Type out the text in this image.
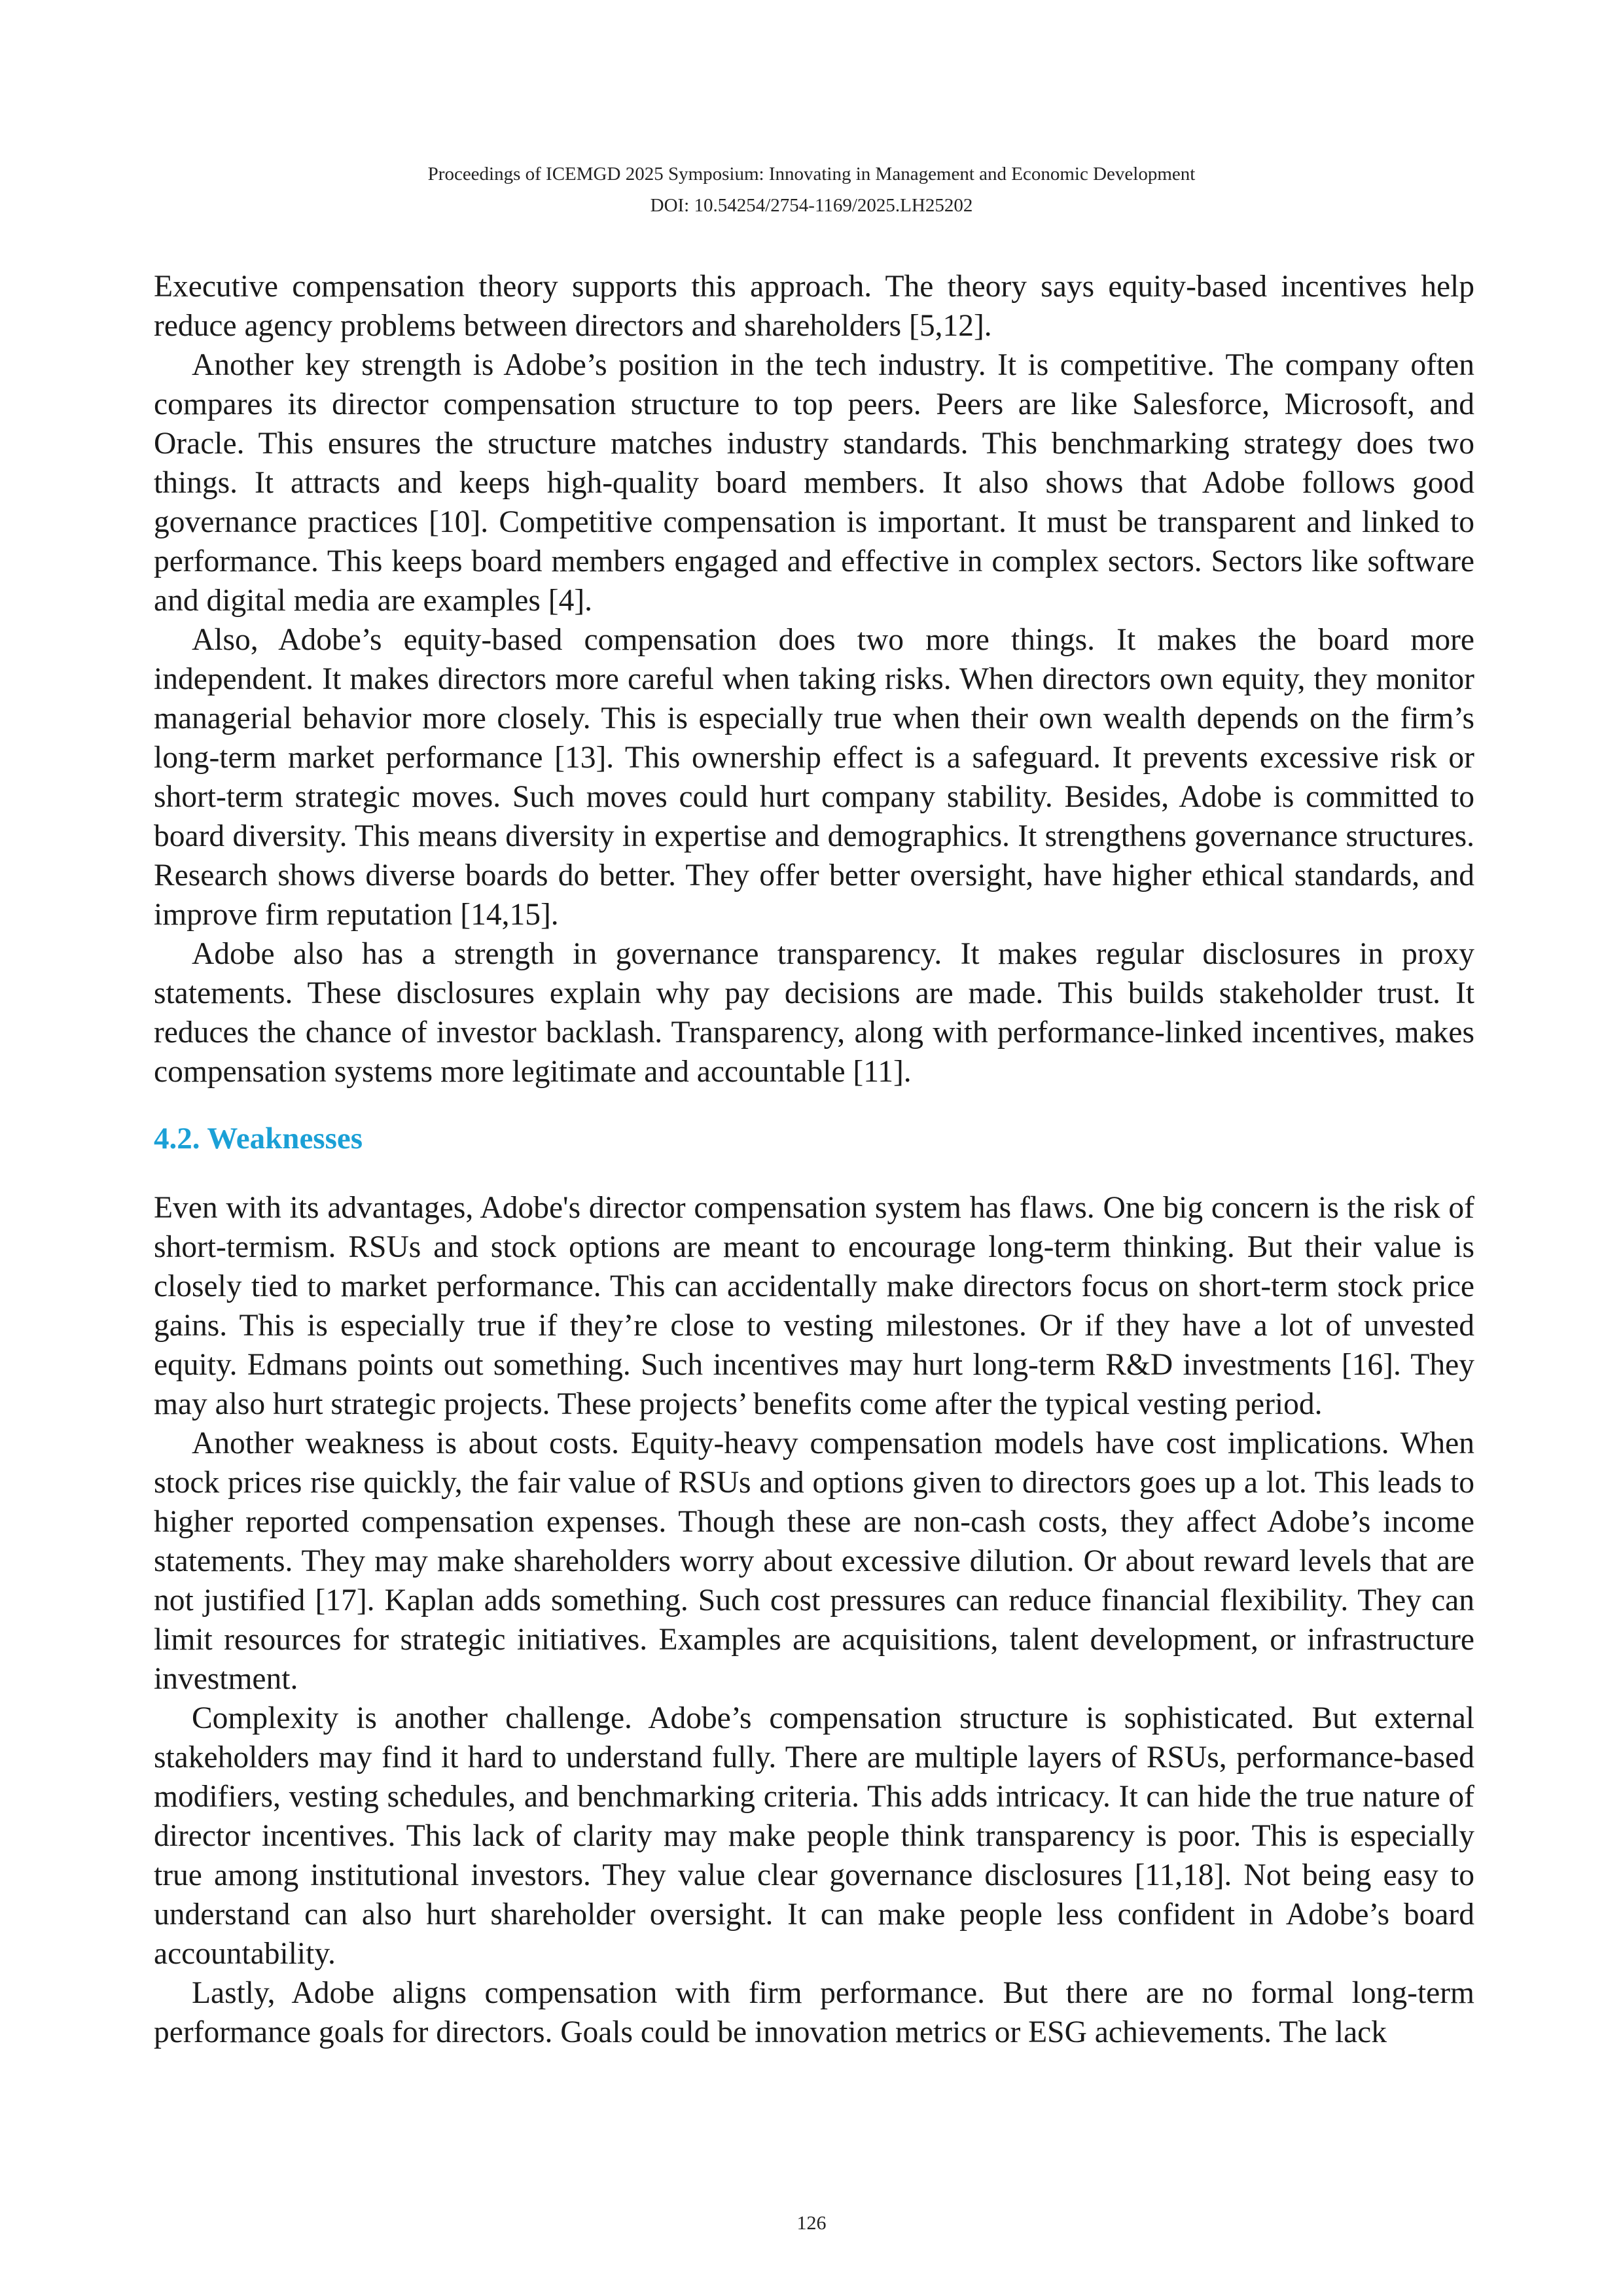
Proceedings of ICEMGD 2025 Symposium: Innovating in Management and Economic Development
DOI: 10.54254/2754-1169/2025.LH25202

Executive compensation theory supports this approach. The theory says equity-based incentives help reduce agency problems between directors and shareholders [5,12].

Another key strength is Adobe’s position in the tech industry. It is competitive. The company often compares its director compensation structure to top peers. Peers are like Salesforce, Microsoft, and Oracle. This ensures the structure matches industry standards. This benchmarking strategy does two things. It attracts and keeps high-quality board members. It also shows that Adobe follows good governance practices [10]. Competitive compensation is important. It must be transparent and linked to performance. This keeps board members engaged and effective in complex sectors. Sectors like software and digital media are examples [4].

Also, Adobe’s equity-based compensation does two more things. It makes the board more independent. It makes directors more careful when taking risks. When directors own equity, they monitor managerial behavior more closely. This is especially true when their own wealth depends on the firm’s long-term market performance [13]. This ownership effect is a safeguard. It prevents excessive risk or short-term strategic moves. Such moves could hurt company stability. Besides, Adobe is committed to board diversity. This means diversity in expertise and demographics. It strengthens governance structures. Research shows diverse boards do better. They offer better oversight, have higher ethical standards, and improve firm reputation [14,15].

Adobe also has a strength in governance transparency. It makes regular disclosures in proxy statements. These disclosures explain why pay decisions are made. This builds stakeholder trust. It reduces the chance of investor backlash. Transparency, along with performance-linked incentives, makes compensation systems more legitimate and accountable [11].

4.2. Weaknesses

Even with its advantages, Adobe's director compensation system has flaws. One big concern is the risk of short-termism. RSUs and stock options are meant to encourage long-term thinking. But their value is closely tied to market performance. This can accidentally make directors focus on short-term stock price gains. This is especially true if they’re close to vesting milestones. Or if they have a lot of unvested equity. Edmans points out something. Such incentives may hurt long-term R&D investments [16]. They may also hurt strategic projects. These projects’ benefits come after the typical vesting period.

Another weakness is about costs. Equity-heavy compensation models have cost implications. When stock prices rise quickly, the fair value of RSUs and options given to directors goes up a lot. This leads to higher reported compensation expenses. Though these are non-cash costs, they affect Adobe’s income statements. They may make shareholders worry about excessive dilution. Or about reward levels that are not justified [17]. Kaplan adds something. Such cost pressures can reduce financial flexibility. They can limit resources for strategic initiatives. Examples are acquisitions, talent development, or infrastructure investment.

Complexity is another challenge. Adobe’s compensation structure is sophisticated. But external stakeholders may find it hard to understand fully. There are multiple layers of RSUs, performance-based modifiers, vesting schedules, and benchmarking criteria. This adds intricacy. It can hide the true nature of director incentives. This lack of clarity may make people think transparency is poor. This is especially true among institutional investors. They value clear governance disclosures [11,18]. Not being easy to understand can also hurt shareholder oversight. It can make people less confident in Adobe’s board accountability.

Lastly, Adobe aligns compensation with firm performance. But there are no formal long-term performance goals for directors. Goals could be innovation metrics or ESG achievements. The lack

126
